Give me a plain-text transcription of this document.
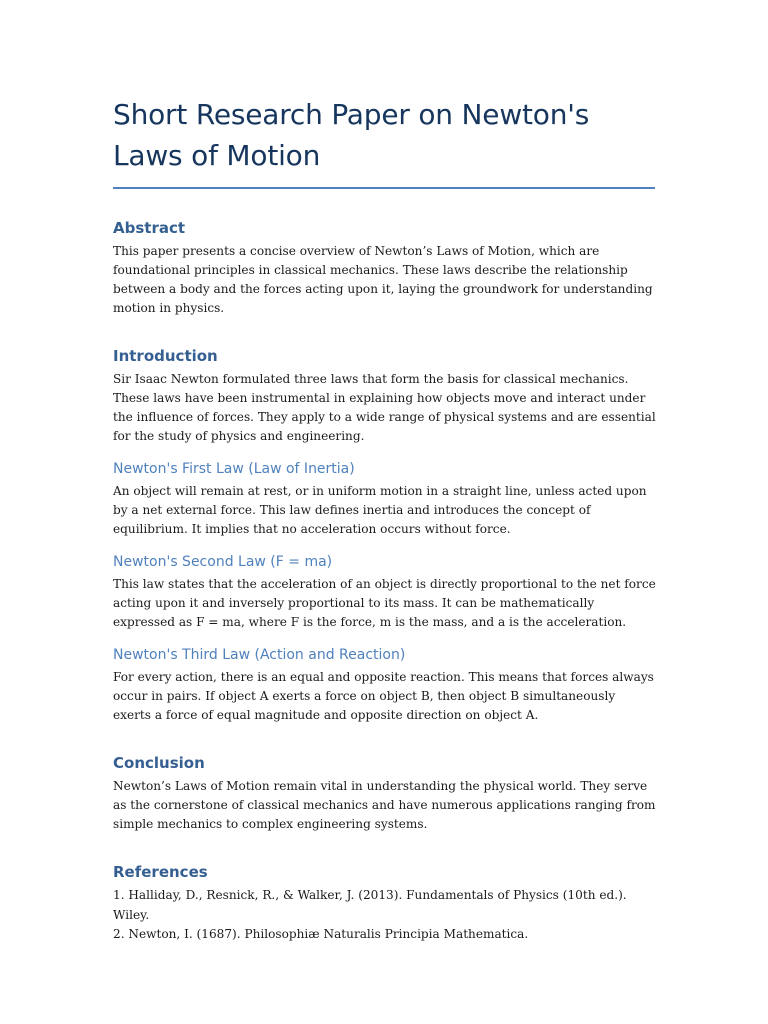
Short Research Paper on Newton's Laws of Motion
Abstract

This paper presents a concise overview of Newton’s Laws of Motion, which are foundational principles in classical mechanics. These laws describe the relationship between a body and the forces acting upon it, laying the groundwork for understanding motion in physics.

Introduction

Sir Isaac Newton formulated three laws that form the basis for classical mechanics. These laws have been instrumental in explaining how objects move and interact under the influence of forces. They apply to a wide range of physical systems and are essential for the study of physics and engineering.

Newton's First Law (Law of Inertia)

An object will remain at rest, or in uniform motion in a straight line, unless acted upon by a net external force. This law defines inertia and introduces the concept of equilibrium. It implies that no acceleration occurs without force.

Newton's Second Law (F = ma)

This law states that the acceleration of an object is directly proportional to the net force acting upon it and inversely proportional to its mass. It can be mathematically expressed as F = ma, where F is the force, m is the mass, and a is the acceleration.

Newton's Third Law (Action and Reaction)

For every action, there is an equal and opposite reaction. This means that forces always occur in pairs. If object A exerts a force on object B, then object B simultaneously exerts a force of equal magnitude and opposite direction on object A.

Conclusion

Newton’s Laws of Motion remain vital in understanding the physical world. They serve as the cornerstone of classical mechanics and have numerous applications ranging from simple mechanics to complex engineering systems.

References

1. Halliday, D., Resnick, R., & Walker, J. (2013). Fundamentals of Physics (10th ed.). Wiley.

2. Newton, I. (1687). Philosophiæ Naturalis Principia Mathematica.
